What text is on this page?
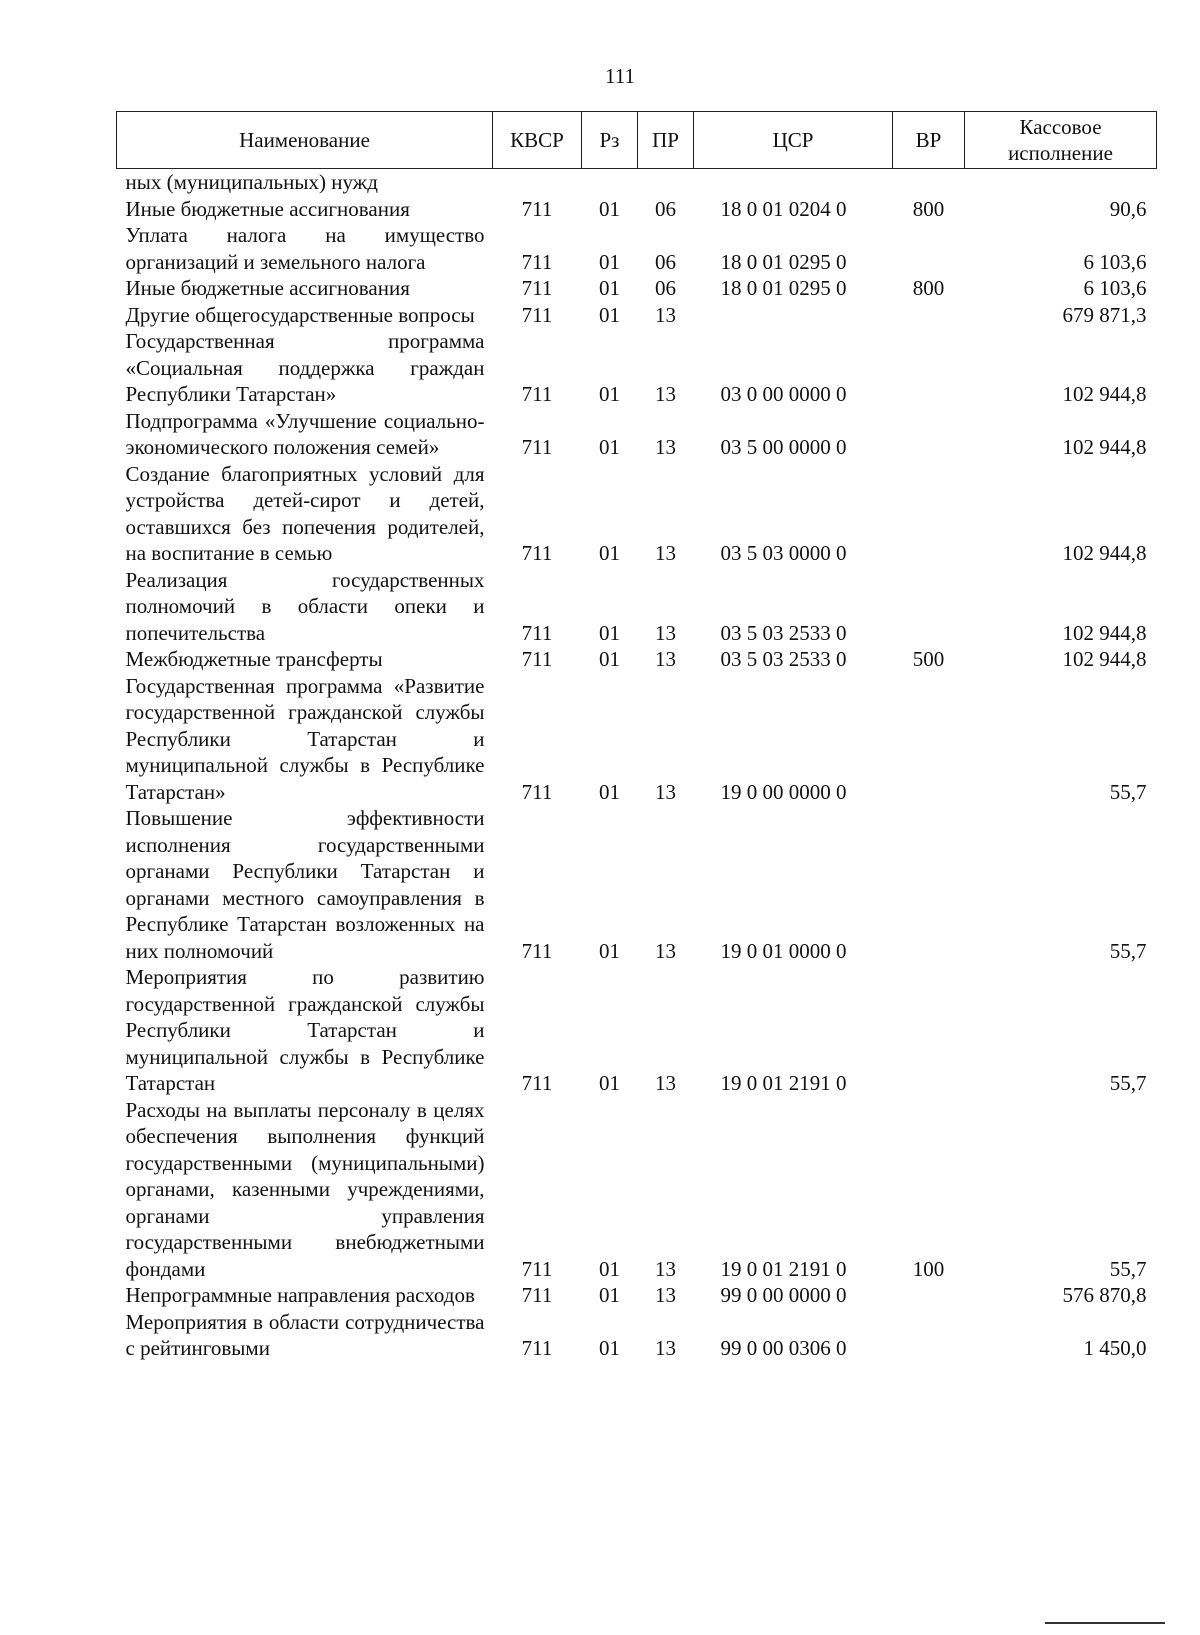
111
Наименование	КВСР	Рз	ПР	ЦСР	ВР	Кассовое исполнение
ных (муниципальных) нужд						
Иные бюджетные ассигнования	711	01	06	18 0 01 0204 0	800	90,6
Уплата налога на имущество организаций и земельного налога	711	01	06	18 0 01 0295 0		6 103,6
Иные бюджетные ассигнования	711	01	06	18 0 01 0295 0	800	6 103,6
Другие общегосударственные вопросы	711	01	13			679 871,3
Государственная программа «Социальная поддержка граждан Республики Татарстан»	711	01	13	03 0 00 0000 0		102 944,8
Подпрограмма «Улучшение социально-экономического положения семей»	711	01	13	03 5 00 0000 0		102 944,8
Создание благоприятных условий для устройства детей-сирот и детей, оставшихся без попечения родителей, на воспитание в семью	711	01	13	03 5 03 0000 0		102 944,8
Реализация государственных полномочий в области опеки и попечительства	711	01	13	03 5 03 2533 0		102 944,8
Межбюджетные трансферты	711	01	13	03 5 03 2533 0	500	102 944,8
Государственная программа «Развитие государственной гражданской службы Республики Татарстан и муниципальной службы в Республике Татарстан»	711	01	13	19 0 00 0000 0		55,7
Повышение эффективности исполнения государственными органами Республики Татарстан и органами местного самоуправления в Республике Татарстан возложенных на них полномочий	711	01	13	19 0 01 0000 0		55,7
Мероприятия по развитию государственной гражданской службы Республики Татарстан и муниципальной службы в Республике Татарстан	711	01	13	19 0 01 2191 0		55,7
Расходы на выплаты персоналу в целях обеспечения выполнения функций государственными (муниципальными) органами, казенными учреждениями, органами управления государственными внебюджетными фондами	711	01	13	19 0 01 2191 0	100	55,7
Непрограммные направления расходов	711	01	13	99 0 00 0000 0		576 870,8
Мероприятия в области сотрудничества с рейтинговыми	711	01	13	99 0 00 0306 0		1 450,0
